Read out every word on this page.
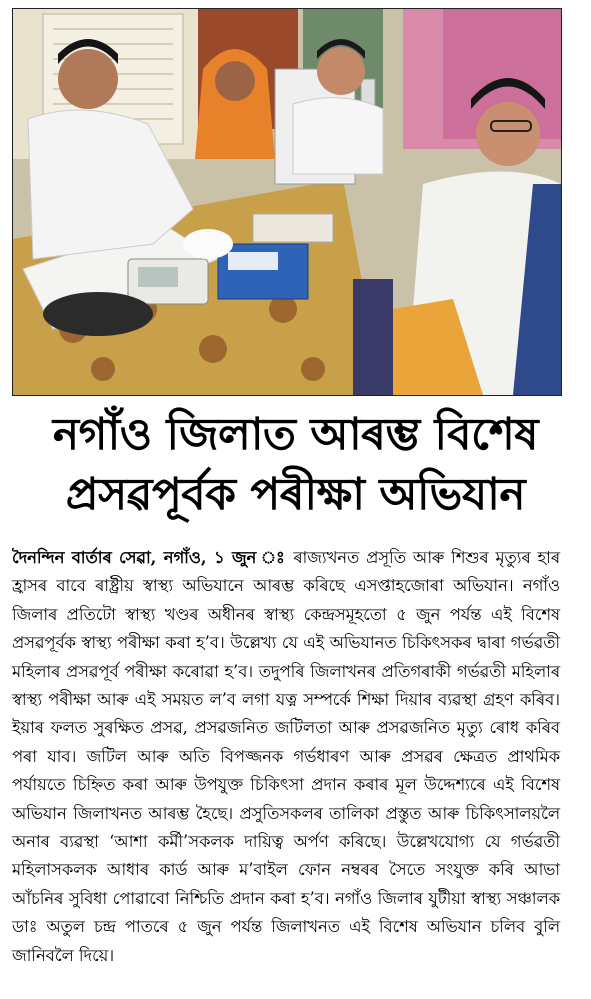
নগাঁও জিলাত আৰম্ভ বিশেষ
প্ৰসৱপূৰ্বক পৰীক্ষা অভিযান
দৈনন্দিন বাৰ্তাৰ সেৱা, নগাঁও, ১ জুন ঃ ৰাজ্যখনত প্ৰসূতি আৰু শিশুৰ মৃত্যুৰ হাৰ হ্ৰাসৰ বাবে ৰাষ্ট্ৰীয় স্বাস্থ্য অভিযানে আৰম্ভ কৰিছে এসপ্তাহজোৰা অভিযান। নগাঁও জিলাৰ প্ৰতিটো স্বাস্থ্য খণ্ডৰ অধীনৰ স্বাস্থ্য কেন্দ্ৰসমূহতো ৫ জুন পৰ্যন্ত এই বিশেষ প্ৰসৱপূৰ্বক স্বাস্থ্য পৰীক্ষা কৰা হ’ব। উল্লেখ্য যে এই অভিযানত চিকিৎসকৰ দ্বাৰা গৰ্ভৱতী মহিলাৰ প্ৰসৱপূৰ্ব পৰীক্ষা কৰোৱা হ’ব। তদুপৰি জিলাখনৰ প্ৰতিগৰাকী গৰ্ভৱতী মহিলাৰ স্বাস্থ্য পৰীক্ষা আৰু এই সময়ত ল’ব লগা যত্ন সম্পৰ্কে শিক্ষা দিয়াৰ ব্যৱস্থা গ্ৰহণ কৰিব। ইয়াৰ ফলত সুৰক্ষিত প্ৰসৱ, প্ৰসৱজনিত জটিলতা আৰু প্ৰসৱজনিত মৃত্যু ৰোধ কৰিব পৰা যাব। জটিল আৰু অতি বিপজ্জনক গৰ্ভধাৰণ আৰু প্ৰসৱৰ ক্ষেত্ৰত প্ৰাথমিক পৰ্যায়তে চিহ্নিত কৰা আৰু উপযুক্ত চিকিৎসা প্ৰদান কৰাৰ মূল উদ্দেশ্যৰে এই বিশেষ অভিযান জিলাখনত আৰম্ভ হৈছে। প্ৰসুতিসকলৰ তালিকা প্ৰস্তুত আৰু চিকিৎসালয়লৈ অনাৰ ব্যৱস্থা ‘আশা কৰ্মী’সকলক দায়িত্ব অৰ্পণ কৰিছে। উল্লেখযোগ্য যে গৰ্ভৱতী মহিলাসকলক আধাৰ কাৰ্ড আৰু ম’বাইল ফোন নম্বৰৰ সৈতে সংযুক্ত কৰি আভা আঁচনিৰ সুবিধা পোৱাবো নিশ্চিতি প্ৰদান কৰা হ’ব। নগাঁও জিলাৰ যুটীয়া স্বাস্থ্য সঞ্চালক ডাঃ অতুল চন্দ্ৰ পাতৰে ৫ জুন পৰ্যন্ত জিলাখনত এই বিশেষ অভিযান চলিব বুলি জানিবলৈ দিয়ে।
